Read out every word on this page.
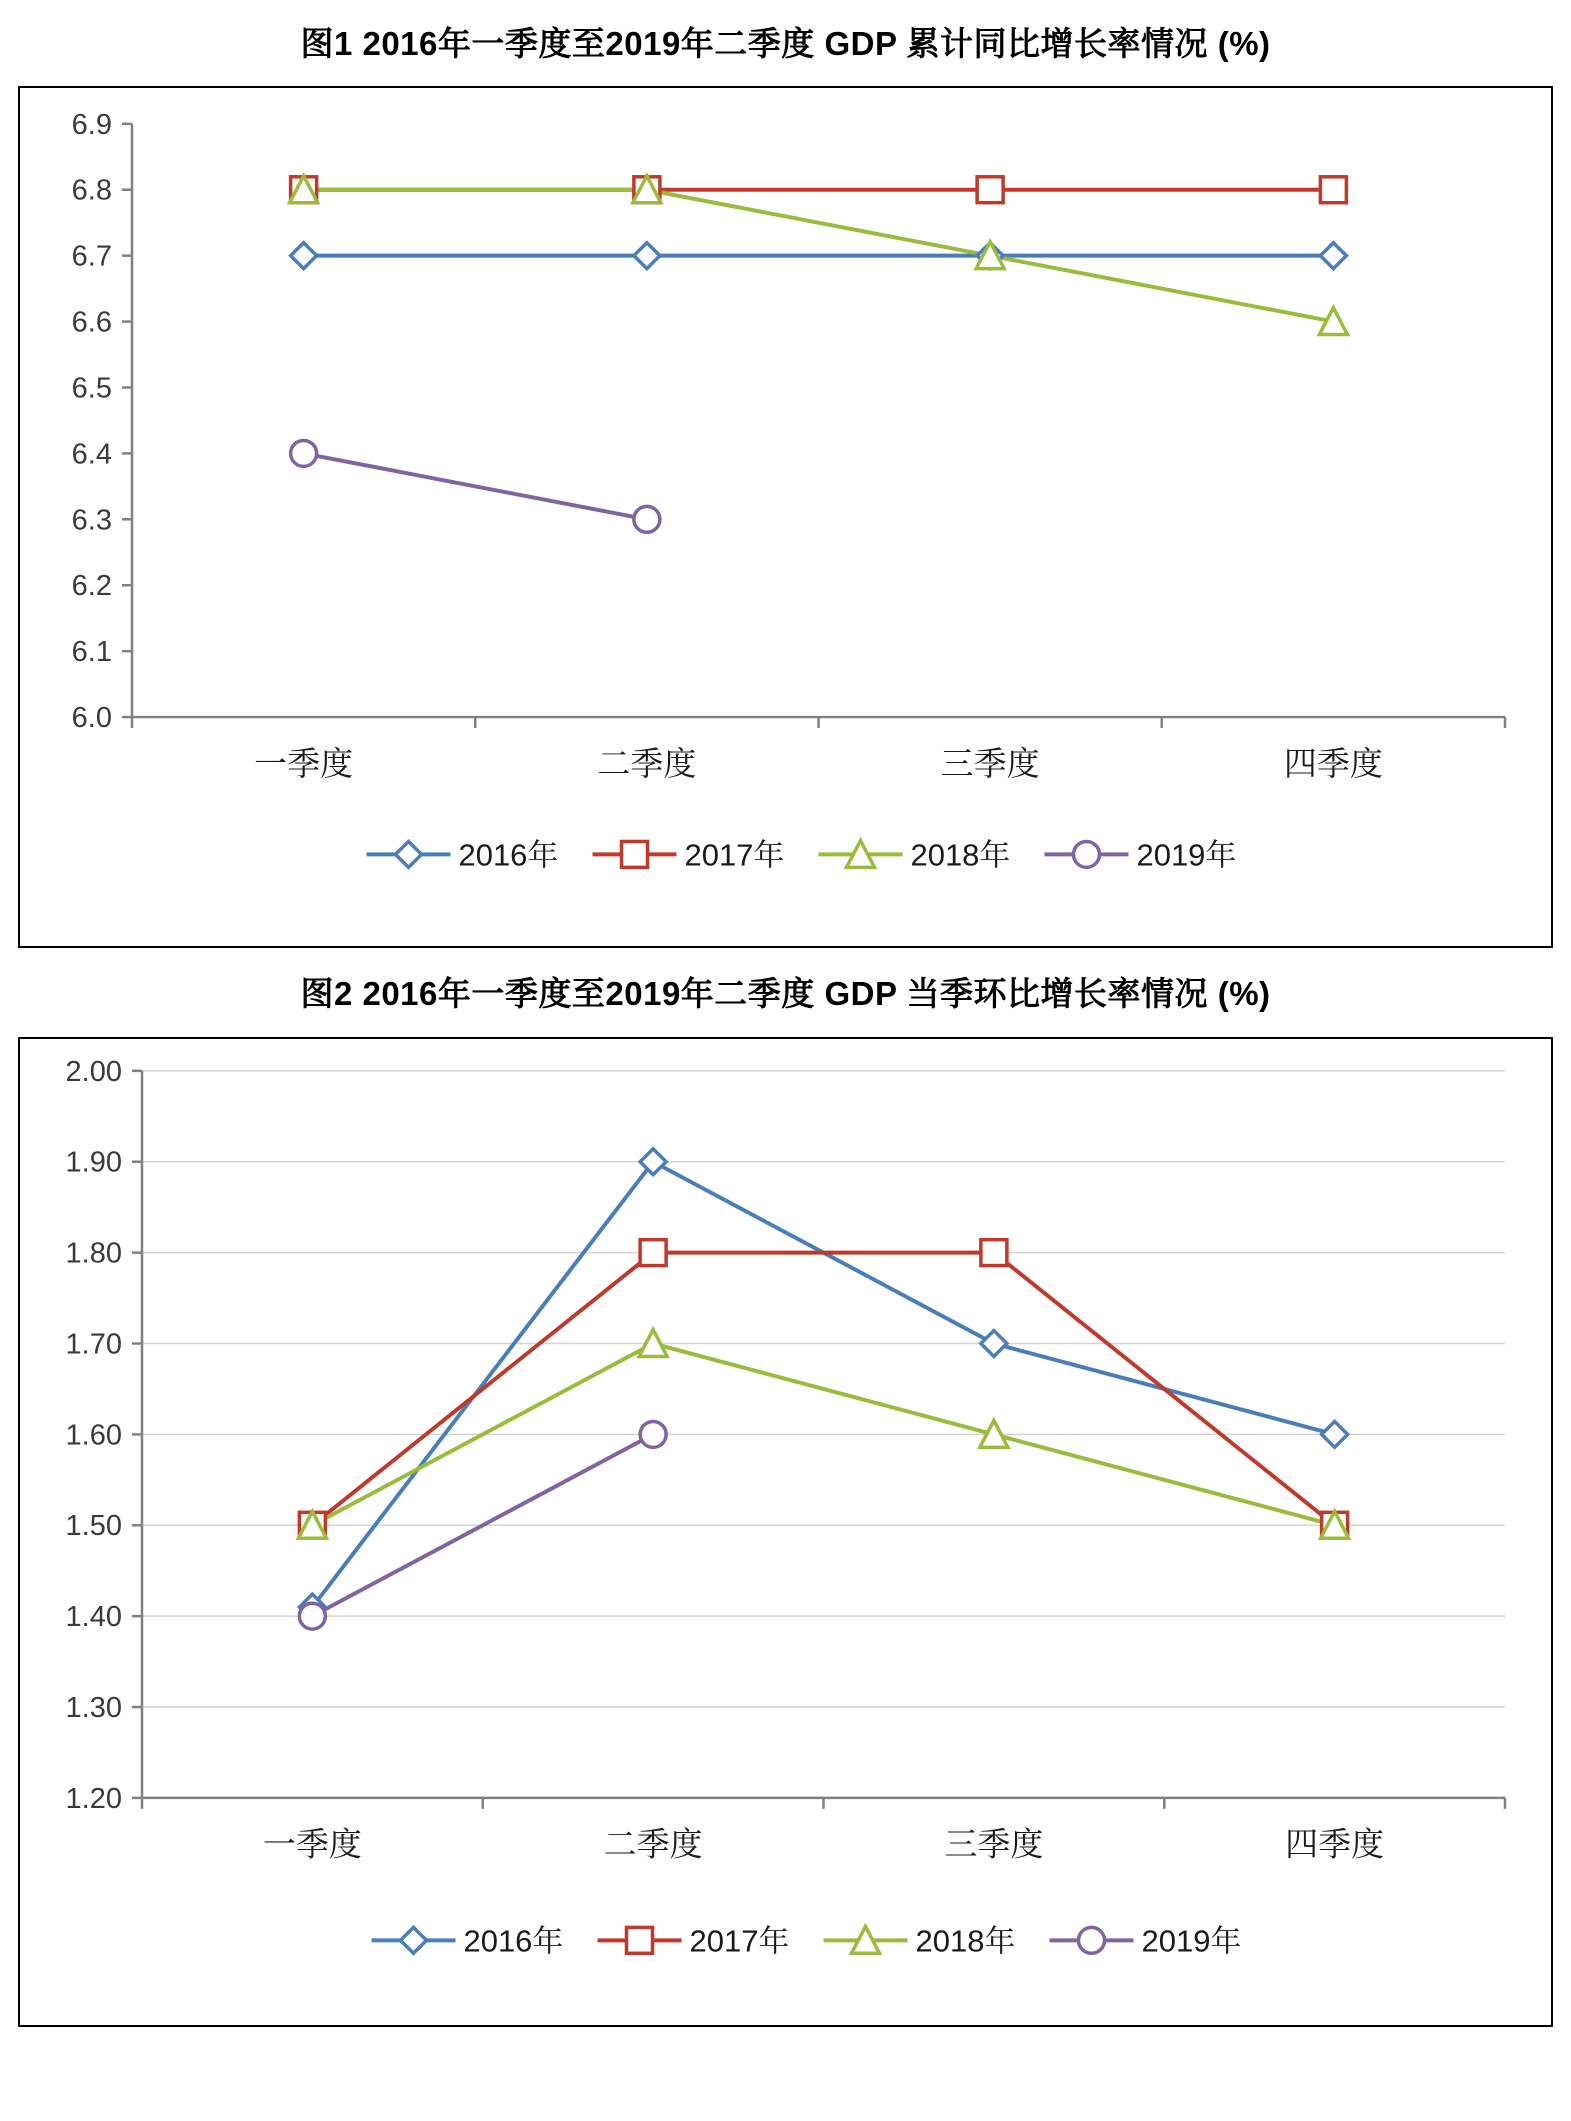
图1 2016年一季度至2019年二季度 GDP 累计同比增长率情况 (%)
6.9
6.8
6.7
6.6
6.5
6.4
6.3
6.2
6.1
6.0
一季度	二季度	三季度	四季度
2016年	2017年	2018年	2019年
图2 2016年一季度至2019年二季度 GDP 当季环比增长率情况 (%)
2.00
1.90
1.80
1.70
1.60
1.50
1.40
1.30
1.20
一季度	二季度	三季度	四季度
2016年	2017年	2018年	2019年
